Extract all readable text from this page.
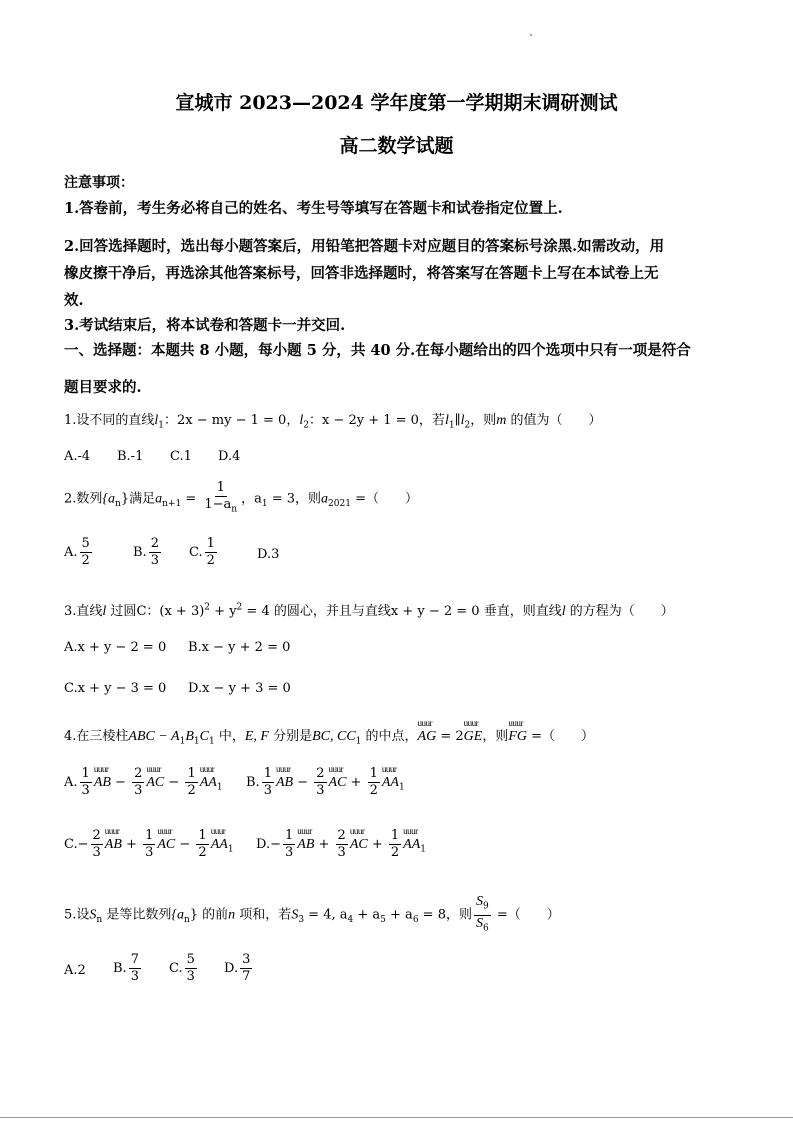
宣城市 2023—2024 学年度第一学期期末调研测试
高二数学试题
注意事项：
1.答卷前，考生务必将自己的姓名、考生号等填写在答题卡和试卷指定位置上.
2.回答选择题时，选出每小题答案后，用铅笔把答题卡对应题目的答案标号涂黑.如需改动，用
橡皮擦干净后，再选涂其他答案标号，回答非选择题时，将答案写在答题卡上写在本试卷上无
效.
3.考试结束后，将本试卷和答题卡一并交回.
一、选择题：本题共 8 小题，每小题 5 分，共 40 分.在每小题给出的四个选项中只有一项是符合
题目要求的.
1.设不同的直线$l_1$：2x − my − 1 = 0，$l_2$：x − 2y + 1 = 0，若$l_1\parallel l_2$，则m 的值为（　　）
A.-4 B.-1 C.1 D.4
2.数列$\{a_n\}$满足$a_{n+1} = \frac{1}{1-a_n}$ ，$a_1 = 3$，则$a_{2021}$ =（　　）
A. $\frac{5}{2}$	B. $\frac{2}{3} C$. $\frac{1}{2}$	D.3
3.直线l 过圆C：$(x + 3)^2 + y^2 = 4$ 的圆心，并且与直线x + y − 2 = 0 垂直，则直线l 的方程为（　　）
A.x + y − 2 = 0 B.x − y + 2 = 0
C.x + y − 3 = 0 D.x − y + 3 = 0
4.在三棱柱ABC − $A_1B_1C_1$ 中，E, F 分别是BC, $CC_1$ 的中点，uuur AG = 2uuur GE，则uuur FG =（　　）
A. $\frac{1}{3}$ uuur AB − $\frac{2}{3}$ uuur AC − $\frac{1}{2}$ uuur $AA_1$ B. $\frac{1}{3}$ uuur AB − $\frac{2}{3}$ uuur AC + $\frac{1}{2}$ uuur $AA_1$
$C.- \frac{2}{3}$ uuur AB + $\frac{1}{3}$ uuur AC − $\frac{1}{2}$ uuur $AA_1$ $D.- \frac{1}{3}$ uuur AB + $\frac{2}{3}$ uuur AC + $\frac{1}{2}$ uuur $AA_1$
5.设$S_n$ 是等比数列$\{a_n\}$ 的前n 项和，若$S_3 = 4$, $a_4 + a_5 + a_6 = 8$，则 $\frac{S_9}{S_6}$ =（　　）
A.2 B. $\frac{7}{3} C$. $\frac{5}{3} D$. $\frac{3}{7}$
